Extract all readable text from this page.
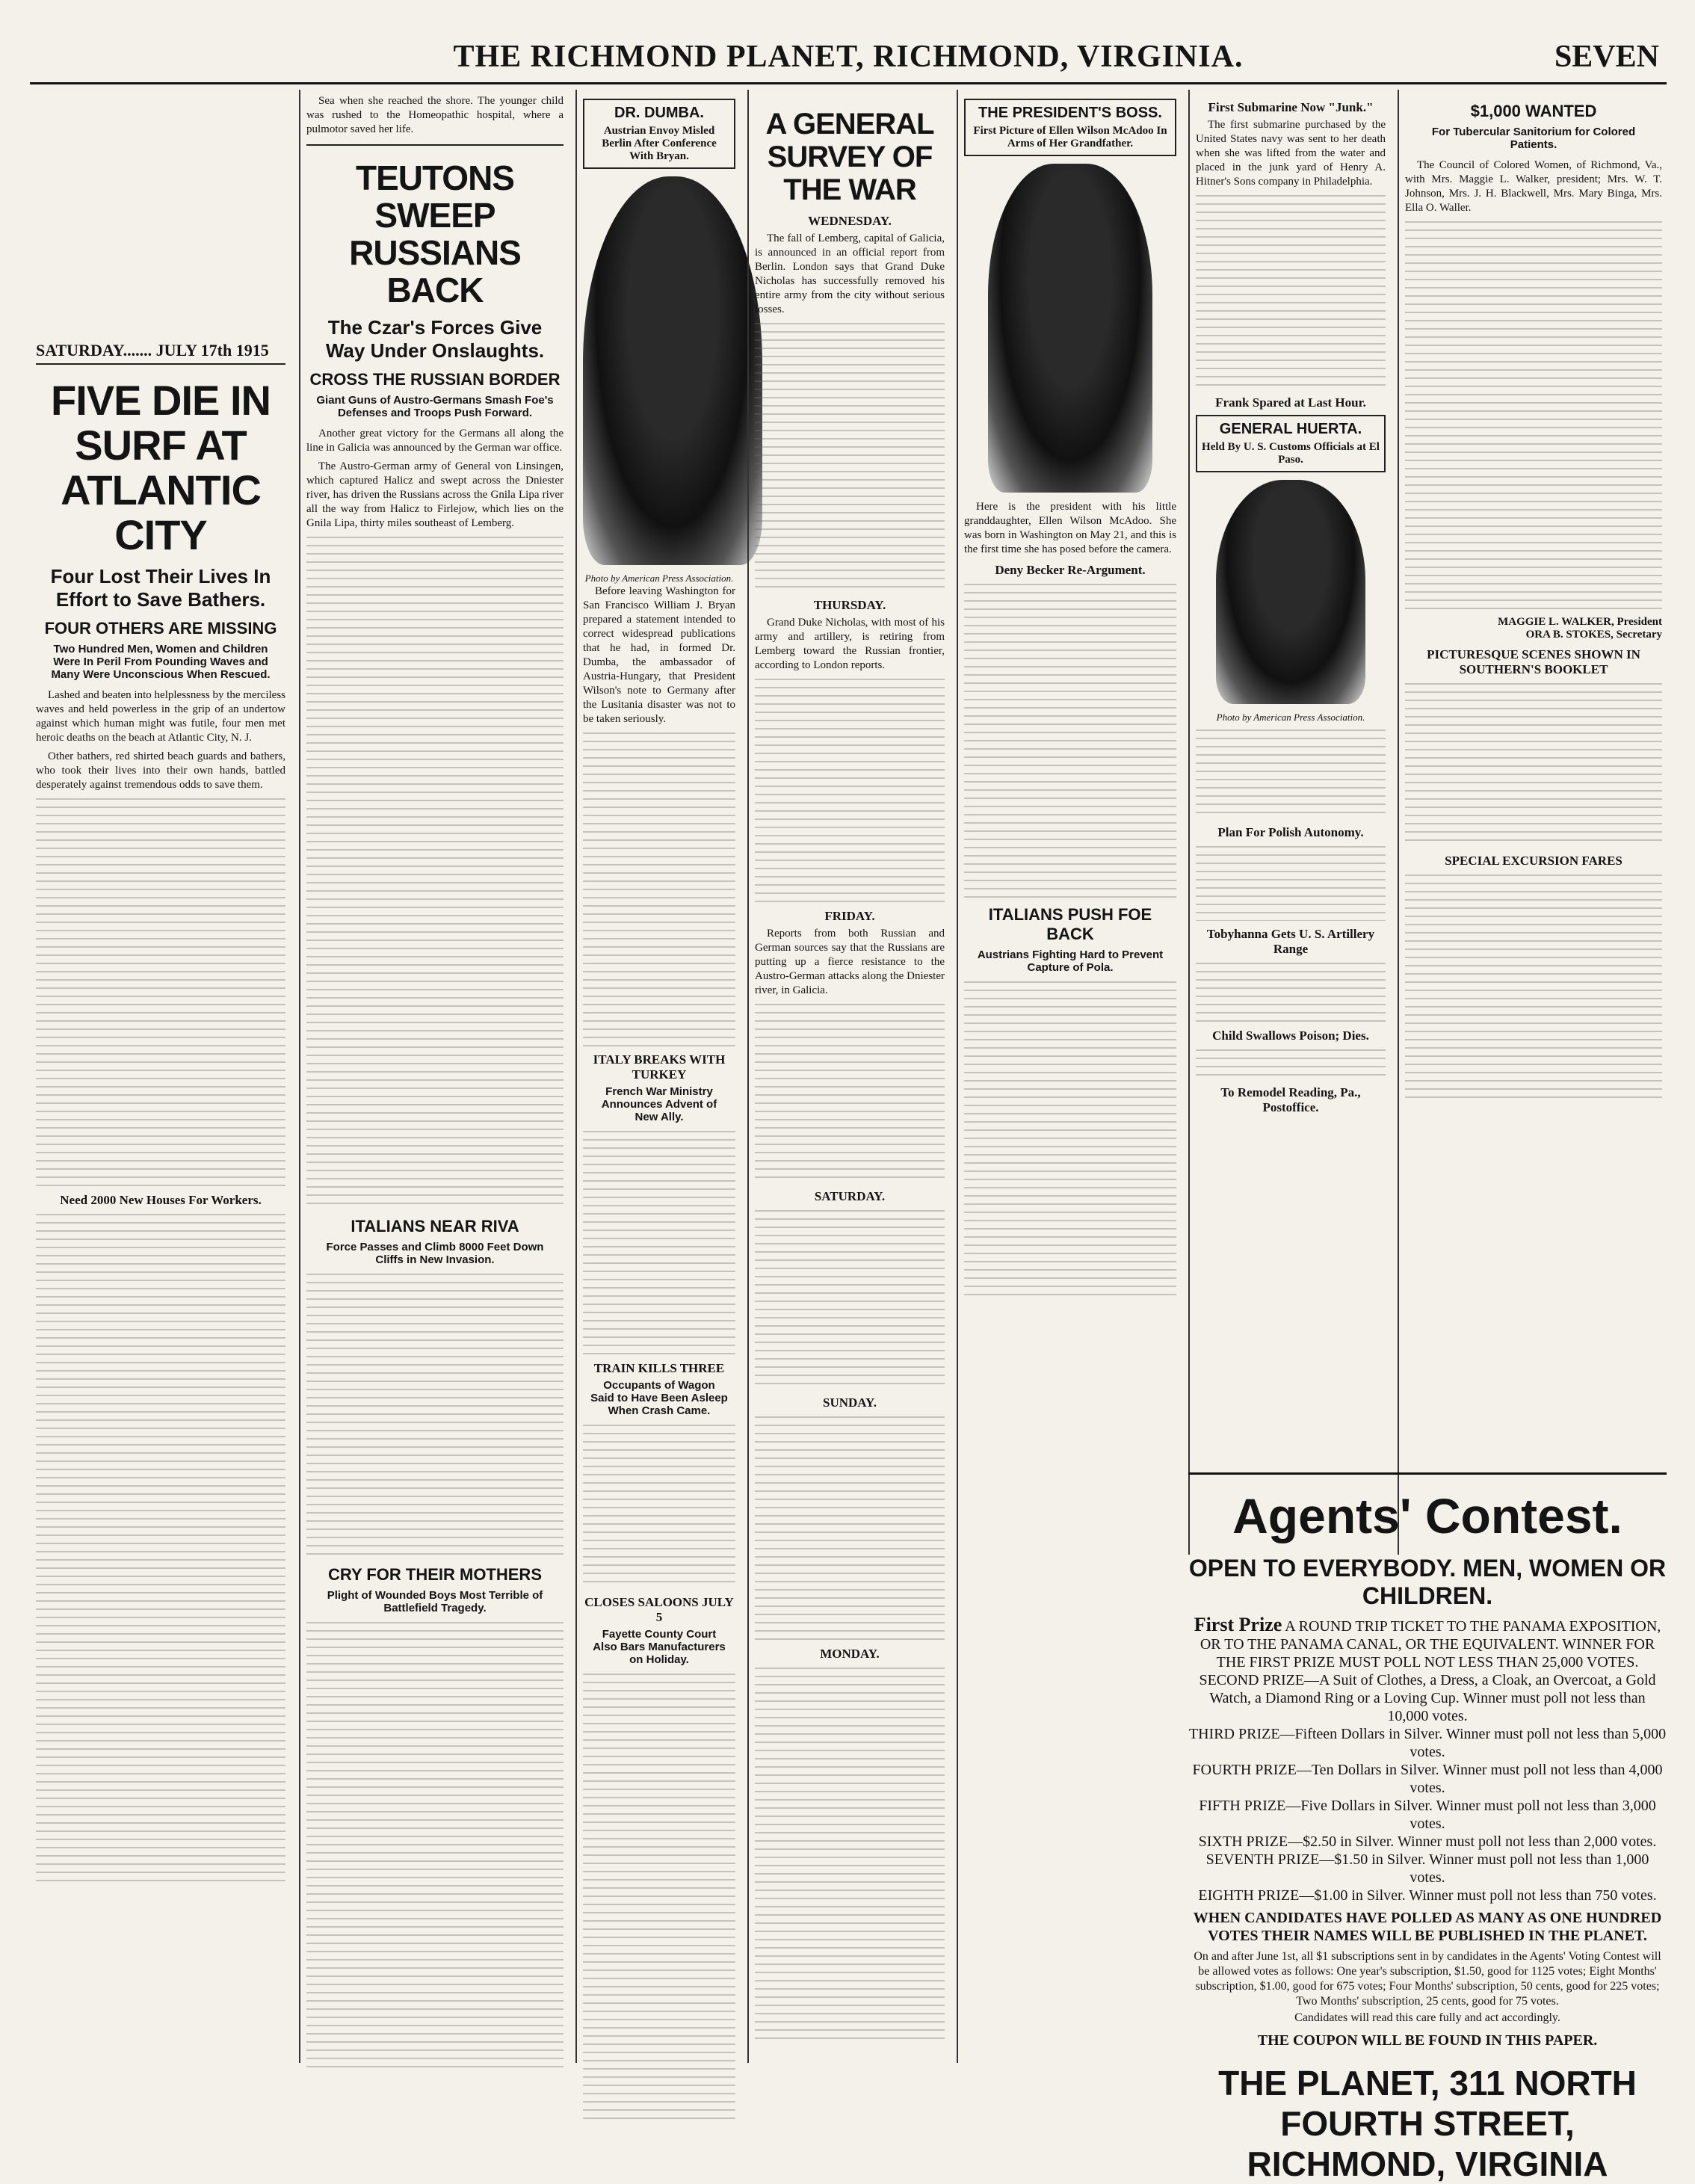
THE RICHMOND PLANET, RICHMOND, VIRGINIA.	SEVEN
SATURDAY....... JULY 17th 1915
FIVE DIE IN SURF AT ATLANTIC CITY
Four Lost Their Lives In Effort to Save Bathers.
FOUR OTHERS ARE MISSING
Two Hundred Men, Women and Children Were In Peril From Pounding Waves and Many Were Unconscious When Rescued.

Lashed and beaten into helplessness by the merciless waves and held powerless in the grip of an undertow against which human might was futile, four men met heroic deaths on the beach at Atlantic City, N. J.

Other bathers, red shirted beach guards and bathers, who took their lives into their own hands, battled desperately against tremendous odds to save them.

Need 2000 New Houses For Workers.

Sea when she reached the shore. The younger child was rushed to the Homeopathic hospital, where a pulmotor saved her life.

TEUTONS SWEEP RUSSIANS BACK
The Czar's Forces Give Way Under Onslaughts.
CROSS THE RUSSIAN BORDER
Giant Guns of Austro-Germans Smash Foe's Defenses and Troops Push Forward.

Another great victory for the Germans all along the line in Galicia was announced by the German war office.

The Austro-German army of General von Linsingen, which captured Halicz and swept across the Dniester river, has driven the Russians across the Gnila Lipa river all the way from Halicz to Firlejow, which lies on the Gnila Lipa, thirty miles southeast of Lemberg.

ITALIANS NEAR RIVA
Force Passes and Climb 8000 Feet Down Cliffs in New Invasion.
CRY FOR THEIR MOTHERS
Plight of Wounded Boys Most Terrible of Battlefield Tragedy.
DR. DUMBA.
Austrian Envoy Misled Berlin After Conference With Bryan.
Photo by American Press Association.

Before leaving Washington for San Francisco William J. Bryan prepared a statement intended to correct widespread publications that he had, in formed Dr. Dumba, the ambassador of Austria-Hungary, that President Wilson's note to Germany after the Lusitania disaster was not to be taken seriously.

ITALY BREAKS WITH TURKEY
French War Ministry Announces Advent of New Ally.
TRAIN KILLS THREE
Occupants of Wagon Said to Have Been Asleep When Crash Came.
CLOSES SALOONS JULY 5
Fayette County Court Also Bars Manufacturers on Holiday.
A GENERAL SURVEY OF THE WAR
WEDNESDAY.

The fall of Lemberg, capital of Galicia, is announced in an official report from Berlin. London says that Grand Duke Nicholas has successfully removed his entire army from the city without serious losses.

THURSDAY.

Grand Duke Nicholas, with most of his army and artillery, is retiring from Lemberg toward the Russian frontier, according to London reports.

FRIDAY.

Reports from both Russian and German sources say that the Russians are putting up a fierce resistance to the Austro-German attacks along the Dniester river, in Galicia.

SATURDAY.
SUNDAY.
MONDAY.
THE PRESIDENT'S BOSS.
First Picture of Ellen Wilson McAdoo In Arms of Her Grandfather.

Here is the president with his little granddaughter, Ellen Wilson McAdoo. She was born in Washington on May 21, and this is the first time she has posed before the camera.

Deny Becker Re-Argument.
ITALIANS PUSH FOE BACK
Austrians Fighting Hard to Prevent Capture of Pola.
First Submarine Now "Junk."

The first submarine purchased by the United States navy was sent to her death when she was lifted from the water and placed in the junk yard of Henry A. Hitner's Sons company in Philadelphia.

Frank Spared at Last Hour.
GENERAL HUERTA.
Held By U. S. Customs Officials at El Paso.
Photo by American Press Association.
Plan For Polish Autonomy.
Tobyhanna Gets U. S. Artillery Range
Child Swallows Poison; Dies.
To Remodel Reading, Pa., Postoffice.
$1,000 WANTED
For Tubercular Sanitorium for Colored Patients.

The Council of Colored Women, of Richmond, Va., with Mrs. Maggie L. Walker, president; Mrs. W. T. Johnson, Mrs. J. H. Blackwell, Mrs. Mary Binga, Mrs. Ella O. Waller.

MAGGIE L. WALKER, President
ORA B. STOKES, Secretary
PICTURESQUE SCENES SHOWN IN SOUTHERN'S BOOKLET
SPECIAL EXCURSION FARES
Agents' Contest.
OPEN TO EVERYBODY. MEN, WOMEN OR CHILDREN.
First Prize A ROUND TRIP TICKET TO THE PANAMA EXPOSITION, OR TO THE PANAMA CANAL, OR THE EQUIVALENT. WINNER FOR THE FIRST PRIZE MUST POLL NOT LESS THAN 25,000 VOTES.
SECOND PRIZE—A Suit of Clothes, a Dress, a Cloak, an Overcoat, a Gold Watch, a Diamond Ring or a Loving Cup. Winner must poll not less than 10,000 votes.
THIRD PRIZE—Fifteen Dollars in Silver. Winner must poll not less than 5,000 votes.
FOURTH PRIZE—Ten Dollars in Silver. Winner must poll not less than 4,000 votes.
FIFTH PRIZE—Five Dollars in Silver. Winner must poll not less than 3,000 votes.
SIXTH PRIZE—$2.50 in Silver. Winner must poll not less than 2,000 votes.
SEVENTH PRIZE—$1.50 in Silver. Winner must poll not less than 1,000 votes.
EIGHTH PRIZE—$1.00 in Silver. Winner must poll not less than 750 votes.
WHEN CANDIDATES HAVE POLLED AS MANY AS ONE HUNDRED VOTES THEIR NAMES WILL BE PUBLISHED IN THE PLANET.
On and after June 1st, all $1 subscriptions sent in by candidates in the Agents' Voting Contest will be allowed votes as follows: One year's subscription, $1.50, good for 1125 votes; Eight Months' subscription, $1.00, good for 675 votes; Four Months' subscription, 50 cents, good for 225 votes; Two Months' subscription, 25 cents, good for 75 votes.
Candidates will read this care fully and act accordingly.
THE COUPON WILL BE FOUND IN THIS PAPER.
THE PLANET, 311 NORTH FOURTH STREET, RICHMOND, VIRGINIA
